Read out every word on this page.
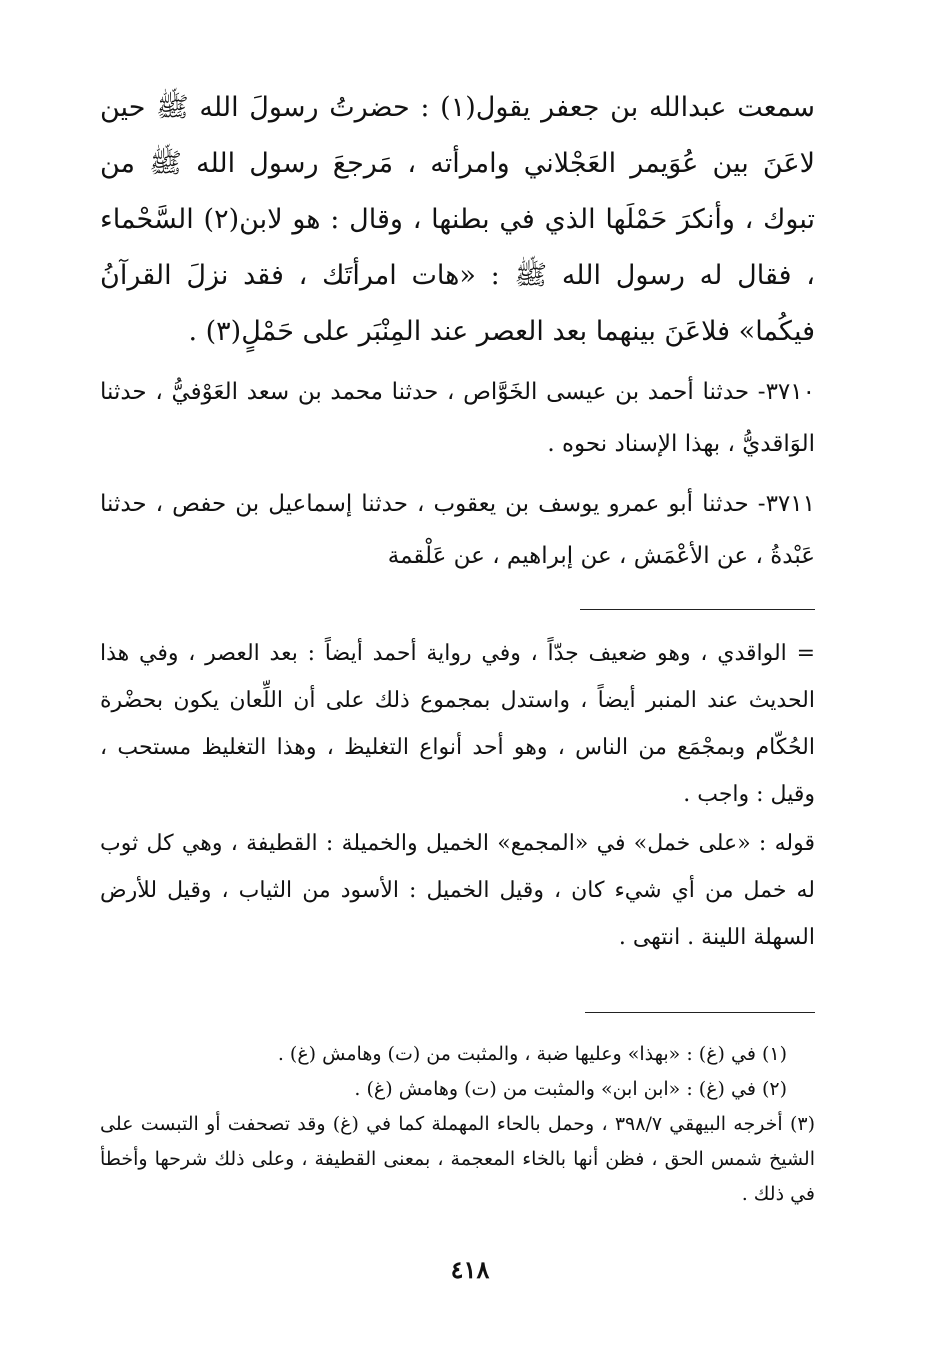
سمعت عبدالله بن جعفر يقول(١) : حضرتُ رسولَ الله ﷺ حين لاعَنَ بين عُوَيمر العَجْلاني وامرأته ، مَرجعَ رسول الله ﷺ من تبوك ، وأنكرَ حَمْلَها الذي في بطنها ، وقال : هو لابن(٢) السَّحْماء ، فقال له رسول الله ﷺ : «هات امرأتَك ، فقد نزلَ القرآنُ فيكُما» فلاعَنَ بينهما بعد العصر عند المِنْبَر على حَمْلٍ(٣) .

٣٧١٠- حدثنا أحمد بن عيسى الخَوَّاص ، حدثنا محمد بن سعد العَوْفيُّ ، حدثنا الوَاقديُّ ، بهذا الإسناد نحوه .

٣٧١١- حدثنا أبو عمرو يوسف بن يعقوب ، حدثنا إسماعيل بن حفص ، حدثنا عَبْدةُ ، عن الأعْمَش ، عن إبراهيم ، عن عَلْقمة

= الواقدي ، وهو ضعيف جدّاً ، وفي رواية أحمد أيضاً : بعد العصر ، وفي هذا الحديث عند المنبر أيضاً ، واستدل بمجموع ذلك على أن اللِّعان يكون بحضْرة الحُكّام وبمجْمَع من الناس ، وهو أحد أنواع التغليظ ، وهذا التغليظ مستحب ، وقيل : واجب .

قوله : «على خمل» في «المجمع» الخميل والخميلة : القطيفة ، وهي كل ثوب له خمل من أي شيء كان ، وقيل الخميل : الأسود من الثياب ، وقيل للأرض السهلة اللينة . انتهى .

(١) في (غ) : «بهذا» وعليها ضبة ، والمثبت من (ت) وهامش (غ) .

(٢) في (غ) : «ابن ابن» والمثبت من (ت) وهامش (غ) .

(٣) أخرجه البيهقي ٣٩٨/٧ ، وحمل بالحاء المهملة كما في (غ) وقد تصحفت أو التبست على الشيخ شمس الحق ، فظن أنها بالخاء المعجمة ، بمعنى القطيفة ، وعلى ذلك شرحها وأخطأ في ذلك .

٤١٨
